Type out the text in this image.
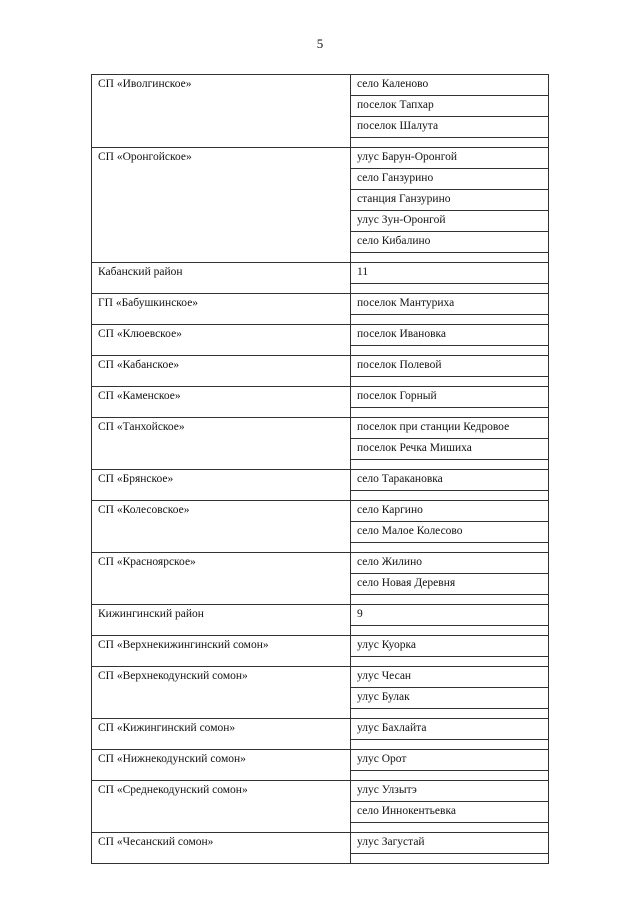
5
СП «Иволгинское»	село Каленово
поселок Тапхар
поселок Шалута

СП «Оронгойское»	улус Барун-Оронгой
село Ганзурино
станция Ганзурино
улус Зун-Оронгой
село Кибалино

Кабанский район	11

ГП «Бабушкинское»	поселок Мантуриха

СП «Клюевское»	поселок Ивановка

СП «Кабанское»	поселок Полевой

СП «Каменское»	поселок Горный

СП «Танхойское»	поселок при станции Кедровое
поселок Речка Мишиха

СП «Брянское»	село Тараканoвка

СП «Колесовское»	село Каргино
село Малое Колесово

СП «Красноярское»	село Жилино
село Новая Деревня

Кижингинский район	9

СП «Верхнекижингинский сомон»	улус Куорка

СП «Верхнекодунский сомон»	улус Чесан
улус Булак

СП «Кижингинский сомон»	улус Бахлайта

СП «Нижнекодунский сомон»	улус Орот

СП «Среднекодунский сомон»	улус Улзытэ
село Иннокентьевка

СП «Чесанский сомон»	улус Загустай
